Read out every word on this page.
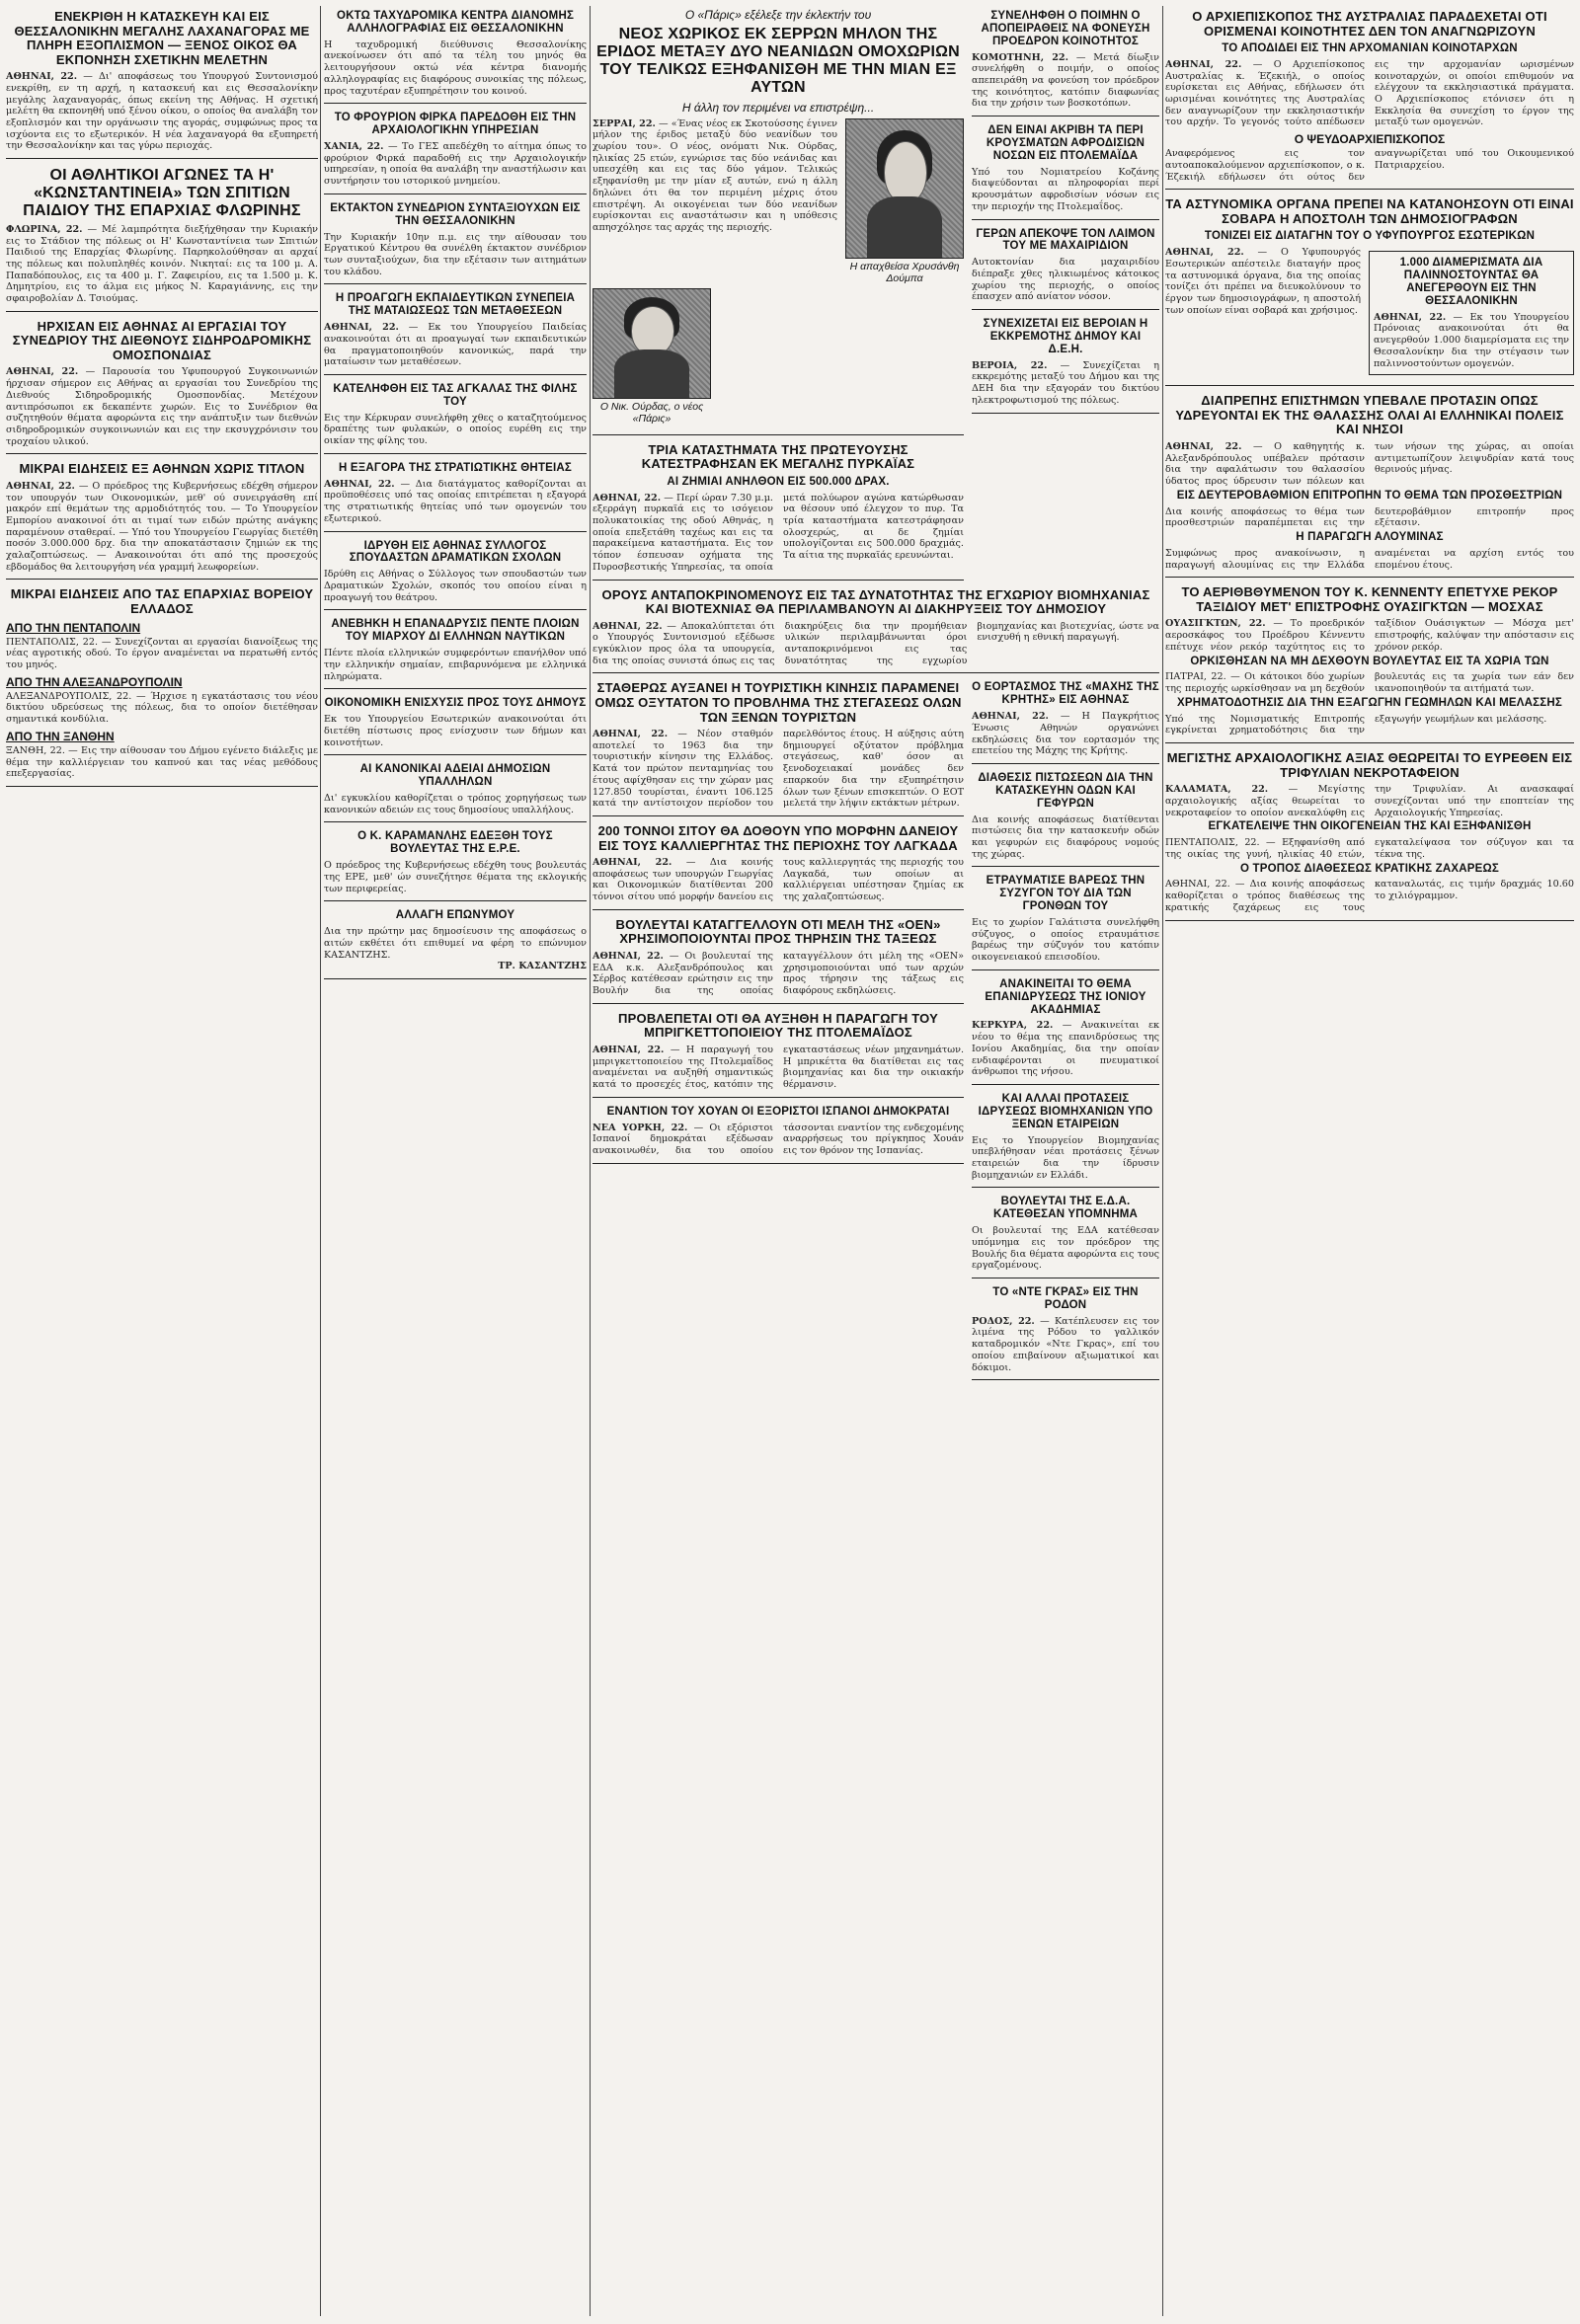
ΕΝΕΚΡΙΘΗ Η ΚΑΤΑΣΚΕΥΗ ΚΑΙ ΕΙΣ ΘΕΣΣΑΛΟΝΙΚΗΝ ΜΕΓΑΛΗΣ ΛΑΧΑΝΑΓΟΡΑΣ ΜΕ ΠΛΗΡΗ ΕΞΟΠΛΙΣΜΟΝ — ΞΕΝΟΣ ΟΙΚΟΣ ΘΑ ΕΚΠΟΝΗΣΗ ΣΧΕΤΙΚΗΝ ΜΕΛΕΤΗΝ

ΑΘΗΝΑΙ, 22. — Δι' αποφάσεως του Υπουργού Συντονισμού ενεκρίθη, εν τη αρχή, η κατασκευή και εις Θεσσαλονίκην μεγάλης λαχαναγοράς, όπως εκείνη της Αθήνας. Η σχετική μελέτη θα εκπονηθή υπό ξένου οίκου, ο οποίος θα αναλάβη τον εξοπλισμόν και την οργάνωσιν της αγοράς, συμφώνως προς τα ισχύοντα εις το εξωτερικόν. Η νέα λαχαναγορά θα εξυπηρετή την Θεσσαλονίκην και τας γύρω περιοχάς.

ΟΙ ΑΘΛΗΤΙΚΟΙ ΑΓΩΝΕΣ ΤΑ Η' «ΚΩΝΣΤΑΝΤΙΝΕΙΑ» ΤΩΝ ΣΠΙΤΙΩΝ ΠΑΙΔΙΟΥ ΤΗΣ ΕΠΑΡΧΙΑΣ ΦΛΩΡΙΝΗΣ

ΦΛΩΡΙΝΑ, 22. — Μέ λαμπρότητα διεξήχθησαν την Κυριακήν εις το Στάδιον της πόλεως οι Η' Κωνσταντίνεια των Σπιτιών Παιδιού της Επαρχίας Φλωρίνης. Παρηκολούθησαν αι αρχαί της πόλεως και πολυπληθές κοινόν. Νικηταί: εις τα 100 μ. Α. Παπαδόπουλος, εις τα 400 μ. Γ. Ζαφειρίου, εις τα 1.500 μ. Κ. Δημητρίου, εις το άλμα εις μήκος Ν. Καραγιάννης, εις την σφαιροβολίαν Δ. Τσιούμας.

ΗΡΧΙΣΑΝ ΕΙΣ ΑΘΗΝΑΣ ΑΙ ΕΡΓΑΣΙΑΙ ΤΟΥ ΣΥΝΕΔΡΙΟΥ ΤΗΣ ΔΙΕΘΝΟΥΣ ΣΙΔΗΡΟΔΡΟΜΙΚΗΣ ΟΜΟΣΠΟΝΔΙΑΣ

ΑΘΗΝΑΙ, 22. — Παρουσία του Υφυπουργού Συγκοινωνιών ήρχισαν σήμερον εις Αθήνας αι εργασίαι του Συνεδρίου της Διεθνούς Σιδηροδρομικής Ομοσπονδίας. Μετέχουν αντιπρόσωποι εκ δεκαπέντε χωρών. Εις το Συνέδριον θα συζητηθούν θέματα αφορώντα εις την ανάπτυξιν των διεθνών σιδηροδρομικών συγκοινωνιών και εις την εκσυγχρόνισιν του τροχαίου υλικού.

ΜΙΚΡΑΙ ΕΙΔΗΣΕΙΣ ΕΞ ΑΘΗΝΩΝ ΧΩΡΙΣ ΤΙΤΛΟΝ

ΑΘΗΝΑΙ, 22. — Ο πρόεδρος της Κυβερνήσεως εδέχθη σήμερον τον υπουργόν των Οικονομικών, μεθ' ού συνειργάσθη επί μακρόν επί θεμάτων της αρμοδιότητός του. — Το Υπουργείον Εμπορίου ανακοινοί ότι αι τιμαί των ειδών πρώτης ανάγκης παραμένουν σταθεραί. — Υπό του Υπουργείου Γεωργίας διετέθη ποσόν 3.000.000 δρχ. δια την αποκατάστασιν ζημιών εκ της χαλαζοπτώσεως. — Ανακοινούται ότι από της προσεχούς εβδομάδος θα λειτουργήση νέα γραμμή λεωφορείων.

ΜΙΚΡΑΙ ΕΙΔΗΣΕΙΣ ΑΠΟ ΤΑΣ ΕΠΑΡΧΙΑΣ ΒΟΡΕΙΟΥ ΕΛΛΑΔΟΣ
ΑΠΟ ΤΗΝ ΠΕΝΤΑΠΟΛΙΝ

ΠΕΝΤΑΠΟΛΙΣ, 22. — Συνεχίζονται αι εργασίαι διανοίξεως της νέας αγροτικής οδού. Το έργον αναμένεται να περατωθή εντός του μηνός.

ΑΠΟ ΤΗΝ ΑΛΕΞΑΝΔΡΟΥΠΟΛΙΝ

ΑΛΕΞΑΝΔΡΟΥΠΟΛΙΣ, 22. — Ήρχισε η εγκατάστασις του νέου δικτύου υδρεύσεως της πόλεως, δια το οποίον διετέθησαν σημαντικά κονδύλια.

ΑΠΟ ΤΗΝ ΞΑΝΘΗΝ

ΞΑΝΘΗ, 22. — Εις την αίθουσαν του Δήμου εγένετο διάλεξις με θέμα την καλλιέργειαν του καπνού και τας νέας μεθόδους επεξεργασίας.

ΟΚΤΩ ΤΑΧΥΔΡΟΜΙΚΑ ΚΕΝΤΡΑ ΔΙΑΝΟΜΗΣ ΑΛΛΗΛΟΓΡΑΦΙΑΣ ΕΙΣ ΘΕΣΣΑΛΟΝΙΚΗΝ

Η ταχυδρομική διεύθυνσις Θεσσαλονίκης ανεκοίνωσεν ότι από τα τέλη του μηνός θα λειτουργήσουν οκτώ νέα κέντρα διανομής αλληλογραφίας εις διαφόρους συνοικίας της πόλεως, προς ταχυτέραν εξυπηρέτησιν του κοινού.

ΤΟ ΦΡΟΥΡΙΟΝ ΦΙΡΚΑ ΠΑΡΕΔΟΘΗ ΕΙΣ ΤΗΝ ΑΡΧΑΙΟΛΟΓΙΚΗΝ ΥΠΗΡΕΣΙΑΝ

ΧΑΝΙΑ, 22. — Το ΓΕΣ απεδέχθη το αίτημα όπως το φρούριον Φιρκά παραδοθή εις την Αρχαιολογικήν υπηρεσίαν, η οποία θα αναλάβη την αναστήλωσιν και συντήρησιν του ιστορικού μνημείου.

ΕΚΤΑΚΤΟΝ ΣΥΝΕΔΡΙΟΝ ΣΥΝΤΑΞΙΟΥΧΩΝ ΕΙΣ ΤΗΝ ΘΕΣΣΑΛΟΝΙΚΗΝ

Την Κυριακήν 10ην π.μ. εις την αίθουσαν του Εργατικού Κέντρου θα συνέλθη έκτακτον συνέδριον των συνταξιούχων, δια την εξέτασιν των αιτημάτων του κλάδου.

Η ΠΡΟΑΓΩΓΗ ΕΚΠΑΙΔΕΥΤΙΚΩΝ ΣΥΝΕΠΕΙΑ ΤΗΣ ΜΑΤΑΙΩΣΕΩΣ ΤΩΝ ΜΕΤΑΘΕΣΕΩΝ

ΑΘΗΝΑΙ, 22. — Εκ του Υπουργείου Παιδείας ανακοινούται ότι αι προαγωγαί των εκπαιδευτικών θα πραγματοποιηθούν κανονικώς, παρά την ματαίωσιν των μεταθέσεων.

ΚΑΤΕΛΗΦΘΗ ΕΙΣ ΤΑΣ ΑΓΚΑΛΑΣ ΤΗΣ ΦΙΛΗΣ ΤΟΥ

Εις την Κέρκυραν συνελήφθη χθες ο καταζητούμενος δραπέτης των φυλακών, ο οποίος ευρέθη εις την οικίαν της φίλης του.

Η ΕΞΑΓΟΡΑ ΤΗΣ ΣΤΡΑΤΙΩΤΙΚΗΣ ΘΗΤΕΙΑΣ

ΑΘΗΝΑΙ, 22. — Δια διατάγματος καθορίζονται αι προϋποθέσεις υπό τας οποίας επιτρέπεται η εξαγορά της στρατιωτικής θητείας υπό των ομογενών του εξωτερικού.

ΙΔΡΥΘΗ ΕΙΣ ΑΘΗΝΑΣ ΣΥΛΛΟΓΟΣ ΣΠΟΥΔΑΣΤΩΝ ΔΡΑΜΑΤΙΚΩΝ ΣΧΟΛΩΝ

Ιδρύθη εις Αθήνας ο Σύλλογος των σπουδαστών των Δραματικών Σχολών, σκοπός του οποίου είναι η προαγωγή του θεάτρου.

ΑΝΕΒΗΚΗ Η ΕΠΑΝΑΔΡΥΣΙΣ ΠΕΝΤΕ ΠΛΟΙΩΝ ΤΟΥ ΜΙΑΡΧΟΥ ΔΙ ΕΛΛΗΝΩΝ ΝΑΥΤΙΚΩΝ

Πέντε πλοία ελληνικών συμφερόντων επανήλθον υπό την ελληνικήν σημαίαν, επιβαρυνόμενα με ελληνικά πληρώματα.

ΟΙΚΟΝΟΜΙΚΗ ΕΝΙΣΧΥΣΙΣ ΠΡΟΣ ΤΟΥΣ ΔΗΜΟΥΣ

Εκ του Υπουργείου Εσωτερικών ανακοινούται ότι διετέθη πίστωσις προς ενίσχυσιν των δήμων και κοινοτήτων.

ΑΙ ΚΑΝΟΝΙΚΑΙ ΑΔΕΙΑΙ ΔΗΜΟΣΙΩΝ ΥΠΑΛΛΗΛΩΝ

Δι' εγκυκλίου καθορίζεται ο τρόπος χορηγήσεως των κανονικών αδειών εις τους δημοσίους υπαλλήλους.

Ο Κ. ΚΑΡΑΜΑΝΛΗΣ ΕΔΕΞΘΗ ΤΟΥΣ ΒΟΥΛΕΥΤΑΣ ΤΗΣ Ε.Ρ.Ε.

Ο πρόεδρος της Κυβερνήσεως εδέχθη τους βουλευτάς της ΕΡΕ, μεθ' ών συνεζήτησε θέματα της εκλογικής των περιφερείας.

ΑΛΛΑΓΗ ΕΠΩΝΥΜΟΥ

Δια την πρώτην μας δημοσίευσιν της αποφάσεως ο αιτών εκθέτει ότι επιθυμεί να φέρη το επώνυμον ΚΑΣΑΝΤΖΗΣ.

ΤΡ. ΚΑΣΑΝΤΖΗΣ

Ο «Πάρις» εξέλεξε την έκλεκτήν του
ΝΕΟΣ ΧΩΡΙΚΟΣ ΕΚ ΣΕΡΡΩΝ ΜΗΛΟΝ ΤΗΣ ΕΡΙΔΟΣ ΜΕΤΑΞΥ ΔΥΟ ΝΕΑΝΙΔΩΝ ΟΜΟΧΩΡΙΩΝ ΤΟΥ ΤΕΛΙΚΩΣ ΕΞΗΦΑΝΙΣΘΗ ΜΕ ΤΗΝ ΜΙΑΝ ΕΞ ΑΥΤΩΝ
Η άλλη τον περιμένει να επιστρέψη...

ΣΕΡΡΑΙ, 22. — «Ένας νέος εκ Σκοτούσσης έγινεν μήλον της έριδος μεταξύ δύο νεανίδων του χωρίου του». Ο νέος, ονόματι Νικ. Ούρδας, ηλικίας 25 ετών, εγνώρισε τας δύο νεάνιδας και υπεσχέθη και εις τας δύο γάμον. Τελικώς εξηφανίσθη με την μίαν εξ αυτών, ενώ η άλλη δηλώνει ότι θα τον περιμένη μέχρις ότου επιστρέψη. Αι οικογένειαι των δύο νεανίδων ευρίσκονται εις αναστάτωσιν και η υπόθεσις απησχόλησε τας αρχάς της περιοχής.

Η απαχθείσα Χρυσάνθη Δούμπα
Ο Νικ. Ούρδας, ο νέος «Πάρις»
ΤΡΙΑ ΚΑΤΑΣΤΗΜΑΤΑ ΤΗΣ ΠΡΩΤΕΥΟΥΣΗΣ ΚΑΤΕΣΤΡΑΦΗΣΑΝ ΕΚ ΜΕΓΑΛΗΣ ΠΥΡΚΑΪΑΣ
ΑΙ ΖΗΜΙΑΙ ΑΝΗΛΘΟΝ ΕΙΣ 500.000 ΔΡΑΧ.

ΑΘΗΝΑΙ, 22. — Περί ώραν 7.30 μ.μ. εξερράγη πυρκαϊά εις το ισόγειον πολυκατοικίας της οδού Αθηνάς, η οποία επεξετάθη ταχέως και εις τα παρακείμενα καταστήματα. Εις τον τόπον έσπευσαν οχήματα της Πυροσβεστικής Υπηρεσίας, τα οποία μετά πολύωρον αγώνα κατώρθωσαν να θέσουν υπό έλεγχον το πυρ. Τα τρία καταστήματα κατεστράφησαν ολοσχερώς, αι δε ζημίαι υπολογίζονται εις 500.000 δραχμάς. Τα αίτια της πυρκαϊάς ερευνώνται.

ΣΥΝΕΛΗΦΘΗ Ο ΠΟΙΜΗΝ Ο ΑΠΟΠΕΙΡΑΘΕΙΣ ΝΑ ΦΟΝΕΥΣΗ ΠΡΟΕΔΡΟΝ ΚΟΙΝΟΤΗΤΟΣ

ΚΟΜΟΤΗΝΗ, 22. — Μετά δίωξιν συνελήφθη ο ποιμήν, ο οποίος απεπειράθη να φονεύση τον πρόεδρον της κοινότητος, κατόπιν διαφωνίας δια την χρήσιν των βοσκοτόπων.

ΔΕΝ ΕΙΝΑΙ ΑΚΡΙΒΗ ΤΑ ΠΕΡΙ ΚΡΟΥΣΜΑΤΩΝ ΑΦΡΟΔΙΣΙΩΝ ΝΟΣΩΝ ΕΙΣ ΠΤΟΛΕΜΑΪΔΑ

Υπό του Νομιατρείου Κοζάνης διαψεύδονται αι πληροφορίαι περί κρουσμάτων αφροδισίων νόσων εις την περιοχήν της Πτολεμαΐδος.

ΓΕΡΩΝ ΑΠΕΚΟΨΕ ΤΟΝ ΛΑΙΜΟΝ ΤΟΥ ΜΕ ΜΑΧΑΙΡΙΔΙΟΝ

Αυτοκτονίαν δια μαχαιριδίου διέπραξε χθες ηλικιωμένος κάτοικος χωρίου της περιοχής, ο οποίος έπασχεν από ανίατον νόσον.

ΣΥΝΕΧΙΖΕΤΑΙ ΕΙΣ ΒΕΡΟΙΑΝ Η ΕΚΚΡΕΜΟΤΗΣ ΔΗΜΟΥ ΚΑΙ Δ.Ε.Η.

ΒΕΡΟΙΑ, 22. — Συνεχίζεται η εκκρεμότης μεταξύ του Δήμου και της ΔΕΗ δια την εξαγοράν του δικτύου ηλεκτροφωτισμού της πόλεως.

ΟΡΟΥΣ ΑΝΤΑΠΟΚΡΙΝΟΜΕΝΟΥΣ ΕΙΣ ΤΑΣ ΔΥΝΑΤΟΤΗΤΑΣ ΤΗΣ ΕΓΧΩΡΙΟΥ ΒΙΟΜΗΧΑΝΙΑΣ ΚΑΙ ΒΙΟΤΕΧΝΙΑΣ ΘΑ ΠΕΡΙΛΑΜΒΑΝΟΥΝ ΑΙ ΔΙΑΚΗΡΥΞΕΙΣ ΤΟΥ ΔΗΜΟΣΙΟΥ

ΑΘΗΝΑΙ, 22. — Αποκαλύπτεται ότι ο Υπουργός Συντονισμού εξέδωσε εγκύκλιον προς όλα τα υπουργεία, δια της οποίας συνιστά όπως εις τας διακηρύξεις δια την προμήθειαν υλικών περιλαμβάνωνται όροι ανταποκρινόμενοι εις τας δυνατότητας της εγχωρίου βιομηχανίας και βιοτεχνίας, ώστε να ενισχυθή η εθνική παραγωγή.

ΣΤΑΘΕΡΩΣ ΑΥΞΑΝΕΙ Η ΤΟΥΡΙΣΤΙΚΗ ΚΙΝΗΣΙΣ ΠΑΡΑΜΕΝΕΙ ΟΜΩΣ ΟΞΥΤΑΤΟΝ ΤΟ ΠΡΟΒΛΗΜΑ ΤΗΣ ΣΤΕΓΑΣΕΩΣ ΟΛΩΝ ΤΩΝ ΞΕΝΩΝ ΤΟΥΡΙΣΤΩΝ

ΑΘΗΝΑΙ, 22. — Νέον σταθμόν αποτελεί το 1963 δια την τουριστικήν κίνησιν της Ελλάδος. Κατά τον πρώτον πενταμηνίας του έτους αφίχθησαν εις την χώραν μας 127.850 τουρίσται, έναντι 106.125 κατά την αντίστοιχον περίοδον του παρελθόντος έτους. Η αύξησις αύτη δημιουργεί οξύτατον πρόβλημα στεγάσεως, καθ' όσον αι ξενοδοχειακαί μονάδες δεν επαρκούν δια την εξυπηρέτησιν όλων των ξένων επισκεπτών. Ο ΕΟΤ μελετά την λήψιν εκτάκτων μέτρων.

200 ΤΟΝΝΟΙ ΣΙΤΟΥ ΘΑ ΔΟΘΟΥΝ ΥΠΟ ΜΟΡΦΗΝ ΔΑΝΕΙΟΥ ΕΙΣ ΤΟΥΣ ΚΑΛΛΙΕΡΓΗΤΑΣ ΤΗΣ ΠΕΡΙΟΧΗΣ ΤΟΥ ΛΑΓΚΑΔΑ

ΑΘΗΝΑΙ, 22. — Δια κοινής αποφάσεως των υπουργών Γεωργίας και Οικονομικών διατίθενται 200 τόννοι σίτου υπό μορφήν δανείου εις τους καλλιεργητάς της περιοχής του Λαγκαδά, των οποίων αι καλλιέργειαι υπέστησαν ζημίας εκ της χαλαζοπτώσεως.

ΒΟΥΛΕΥΤΑΙ ΚΑΤΑΓΓΕΛΛΟΥΝ ΟΤΙ ΜΕΛΗ ΤΗΣ «ΟΕΝ» ΧΡΗΣΙΜΟΠΟΙΟΥΝΤΑΙ ΠΡΟΣ ΤΗΡΗΣΙΝ ΤΗΣ ΤΑΞΕΩΣ

ΑΘΗΝΑΙ, 22. — Οι βουλευταί της ΕΔΑ κ.κ. Αλεξανδρόπουλος και Σέρβος κατέθεσαν ερώτησιν εις την Βουλήν δια της οποίας καταγγέλλουν ότι μέλη της «ΟΕΝ» χρησιμοποιούνται υπό των αρχών προς τήρησιν της τάξεως εις διαφόρους εκδηλώσεις.

ΠΡΟΒΛΕΠΕΤΑΙ ΟΤΙ ΘΑ ΑΥΞΗΘΗ Η ΠΑΡΑΓΩΓΗ ΤΟΥ ΜΠΡΙΓΚΕΤΤΟΠΟΙΕΙΟΥ ΤΗΣ ΠΤΟΛΕΜΑΪΔΟΣ

ΑΘΗΝΑΙ, 22. — Η παραγωγή του μπριγκεττοποιείου της Πτολεμαΐδος αναμένεται να αυξηθή σημαντικώς κατά το προσεχές έτος, κατόπιν της εγκαταστάσεως νέων μηχανημάτων. Η μπρικέττα θα διατίθεται εις τας βιομηχανίας και δια την οικιακήν θέρμανσιν.

ΕΝΑΝΤΙΟΝ ΤΟΥ ΧΟΥΑΝ ΟΙ ΕΞΟΡΙΣΤΟΙ ΙΣΠΑΝΟΙ ΔΗΜΟΚΡΑΤΑΙ

ΝΕΑ ΥΟΡΚΗ, 22. — Οι εξόριστοι Ισπανοί δημοκράται εξέδωσαν ανακοινωθέν, δια του οποίου τάσσονται εναντίον της ενδεχομένης αναρρήσεως του πρίγκηπος Χουάν εις τον θρόνον της Ισπανίας.

Ο ΕΟΡΤΑΣΜΟΣ ΤΗΣ «ΜΑΧΗΣ ΤΗΣ ΚΡΗΤΗΣ» ΕΙΣ ΑΘΗΝΑΣ

ΑΘΗΝΑΙ, 22. — Η Παγκρήτιος Ένωσις Αθηνών οργανώνει εκδηλώσεις δια τον εορτασμόν της επετείου της Μάχης της Κρήτης.

ΔΙΑΘΕΣΙΣ ΠΙΣΤΩΣΕΩΝ ΔΙΑ ΤΗΝ ΚΑΤΑΣΚΕΥΗΝ ΟΔΩΝ ΚΑΙ ΓΕΦΥΡΩΝ

Δια κοινής αποφάσεως διατίθενται πιστώσεις δια την κατασκευήν οδών και γεφυρών εις διαφόρους νομούς της χώρας.

ΕΤΡΑΥΜΑΤΙΣΕ ΒΑΡΕΩΣ ΤΗΝ ΣΥΖΥΓΟΝ ΤΟΥ ΔΙΑ ΤΩΝ ΓΡΟΝΘΩΝ ΤΟΥ

Εις το χωρίον Γαλάτιστα συνελήφθη σύζυγος, ο οποίος ετραυμάτισε βαρέως την σύζυγόν του κατόπιν οικογενειακού επεισοδίου.

ΑΝΑΚΙΝΕΙΤΑΙ ΤΟ ΘΕΜΑ ΕΠΑΝΙΔΡΥΣΕΩΣ ΤΗΣ ΙΟΝΙΟΥ ΑΚΑΔΗΜΙΑΣ

ΚΕΡΚΥΡΑ, 22. — Ανακινείται εκ νέου το θέμα της επανιδρύσεως της Ιονίου Ακαδημίας, δια την οποίαν ενδιαφέρονται οι πνευματικοί άνθρωποι της νήσου.

ΚΑΙ ΑΛΛΑΙ ΠΡΟΤΑΣΕΙΣ ΙΔΡΥΣΕΩΣ ΒΙΟΜΗΧΑΝΙΩΝ ΥΠΟ ΞΕΝΩΝ ΕΤΑΙΡΕΙΩΝ

Εις το Υπουργείον Βιομηχανίας υπεβλήθησαν νέαι προτάσεις ξένων εταιρειών δια την ίδρυσιν βιομηχανιών εν Ελλάδι.

ΒΟΥΛΕΥΤΑΙ ΤΗΣ Ε.Δ.Α. ΚΑΤΕΘΕΣΑΝ ΥΠΟΜΝΗΜΑ

Οι βουλευταί της ΕΔΑ κατέθεσαν υπόμνημα εις τον πρόεδρον της Βουλής δια θέματα αφορώντα εις τους εργαζομένους.

ΤΟ «ΝΤΕ ΓΚΡΑΣ» ΕΙΣ ΤΗΝ ΡΟΔΟΝ

ΡΟΔΟΣ, 22. — Κατέπλευσεν εις τον λιμένα της Ρόδου το γαλλικόν καταδρομικόν «Ντε Γκρας», επί του οποίου επιβαίνουν αξιωματικοί και δόκιμοι.

Ο ΑΡΧΙΕΠΙΣΚΟΠΟΣ ΤΗΣ ΑΥΣΤΡΑΛΙΑΣ ΠΑΡΑΔΕΧΕΤΑΙ ΟΤΙ ΟΡΙΣΜΕΝΑΙ ΚΟΙΝΟΤΗΤΕΣ ΔΕΝ ΤΟΝ ΑΝΑΓΝΩΡΙΖΟΥΝ
ΤΟ ΑΠΟΔΙΔΕΙ ΕΙΣ ΤΗΝ ΑΡΧΟΜΑΝΙΑΝ ΚΟΙΝΟΤΑΡΧΩΝ

ΑΘΗΝΑΙ, 22. — Ο Αρχιεπίσκοπος Αυστραλίας κ. Έζεκιήλ, ο οποίος ευρίσκεται εις Αθήνας, εδήλωσεν ότι ωρισμέναι κοινότητες της Αυστραλίας δεν αναγνωρίζουν την εκκλησιαστικήν του αρχήν. Το γεγονός τούτο απέδωσεν εις την αρχομανίαν ωρισμένων κοινοταρχών, οι οποίοι επιθυμούν να ελέγχουν τα εκκλησιαστικά πράγματα. Ο Αρχιεπίσκοπος ετόνισεν ότι η Εκκλησία θα συνεχίση το έργον της μεταξύ των ομογενών.

Ο ΨΕΥΔΟΑΡΧΙΕΠΙΣΚΟΠΟΣ

Αναφερόμενος εις τον αυτοαποκαλούμενον αρχιεπίσκοπον, ο κ. Έζεκιήλ εδήλωσεν ότι ούτος δεν αναγνωρίζεται υπό του Οικουμενικού Πατριαρχείου.

ΤΑ ΑΣΤΥΝΟΜΙΚΑ ΟΡΓΑΝΑ ΠΡΕΠΕΙ ΝΑ ΚΑΤΑΝΟΗΣΟΥΝ ΟΤΙ ΕΙΝΑΙ ΣΟΒΑΡΑ Η ΑΠΟΣΤΟΛΗ ΤΩΝ ΔΗΜΟΣΙΟΓΡΑΦΩΝ
ΤΟΝΙΖΕΙ ΕΙΣ ΔΙΑΤΑΓΗΝ ΤΟΥ Ο ΥΦΥΠΟΥΡΓΟΣ ΕΣΩΤΕΡΙΚΩΝ

ΑΘΗΝΑΙ, 22. — Ο Υφυπουργός Εσωτερικών απέστειλε διαταγήν προς τα αστυνομικά όργανα, δια της οποίας τονίζει ότι πρέπει να διευκολύνουν το έργον των δημοσιογράφων, η αποστολή των οποίων είναι σοβαρά και χρήσιμος.

1.000 ΔΙΑΜΕΡΙΣΜΑΤΑ ΔΙΑ ΠΑΛΙΝΝΟΣΤΟΥΝΤΑΣ ΘΑ ΑΝΕΓΕΡΘΟΥΝ ΕΙΣ ΤΗΝ ΘΕΣΣΑΛΟΝΙΚΗΝ

ΑΘΗΝΑΙ, 22. — Εκ του Υπουργείου Πρόνοιας ανακοινούται ότι θα ανεγερθούν 1.000 διαμερίσματα εις την Θεσσαλονίκην δια την στέγασιν των παλιννοστούντων ομογενών.

ΔΙΑΠΡΕΠΗΣ ΕΠΙΣΤΗΜΩΝ ΥΠΕΒΑΛΕ ΠΡΟΤΑΣΙΝ ΟΠΩΣ ΥΔΡΕΥΟΝΤΑΙ ΕΚ ΤΗΣ ΘΑΛΑΣΣΗΣ ΟΛΑΙ ΑΙ ΕΛΛΗΝΙΚΑΙ ΠΟΛΕΙΣ ΚΑΙ ΝΗΣΟΙ

ΑΘΗΝΑΙ, 22. — Ο καθηγητής κ. Αλεξανδρόπουλος υπέβαλεν πρότασιν δια την αφαλάτωσιν του θαλασσίου ύδατος προς ύδρευσιν των πόλεων και των νήσων της χώρας, αι οποίαι αντιμετωπίζουν λειψυδρίαν κατά τους θερινούς μήνας.

ΕΙΣ ΔΕΥΤΕΡΟΒΑΘΜΙΟΝ ΕΠΙΤΡΟΠΗΝ ΤΟ ΘΕΜΑ ΤΩΝ ΠΡΟΣΘΕΣΤΡΙΩΝ

Δια κοινής αποφάσεως το θέμα των προσθεστριών παραπέμπεται εις την δευτεροβάθμιον επιτροπήν προς εξέτασιν.

Η ΠΑΡΑΓΩΓΗ ΑΛΟΥΜΙΝΑΣ

Συμφώνως προς ανακοίνωσιν, η παραγωγή αλουμίνας εις την Ελλάδα αναμένεται να αρχίση εντός του επομένου έτους.

ΤΟ ΑΕΡΙΘΒΘΥΜΕΝΟΝ ΤΟΥ Κ. ΚΕΝΝΕΝΤΥ ΕΠΕΤΥΧΕ ΡΕΚΟΡ ΤΑΞΙΔΙΟΥ ΜΕΤ' ΕΠΙΣΤΡΟΦΗΣ ΟΥΑΣΙΓΚΤΩΝ — ΜΟΣΧΑΣ

ΟΥΑΣΙΓΚΤΩΝ, 22. — Το προεδρικόν αεροσκάφος του Προέδρου Κέννεντυ επέτυχε νέον ρεκόρ ταχύτητος εις το ταξίδιον Ουάσιγκτων — Μόσχα μετ' επιστροφής, καλύψαν την απόστασιν εις χρόνον ρεκόρ.

ΟΡΚΙΣΘΗΣΑΝ ΝΑ ΜΗ ΔΕΧΘΟΥΝ ΒΟΥΛΕΥΤΑΣ ΕΙΣ ΤΑ ΧΩΡΙΑ ΤΩΝ

ΠΑΤΡΑΙ, 22. — Οι κάτοικοι δύο χωρίων της περιοχής ωρκίσθησαν να μη δεχθούν βουλευτάς εις τα χωρία των εάν δεν ικανοποιηθούν τα αιτήματά των.

ΧΡΗΜΑΤΟΔΟΤΗΣΙΣ ΔΙΑ ΤΗΝ ΕΞΑΓΩΓΗΝ ΓΕΩΜΗΛΩΝ ΚΑΙ ΜΕΛΑΣΣΗΣ

Υπό της Νομισματικής Επιτροπής εγκρίνεται χρηματοδότησις δια την εξαγωγήν γεωμήλων και μελάσσης.

ΜΕΓΙΣΤΗΣ ΑΡΧΑΙΟΛΟΓΙΚΗΣ ΑΞΙΑΣ ΘΕΩΡΕΙΤΑΙ ΤΟ ΕΥΡΕΘΕΝ ΕΙΣ ΤΡΙΦΥΛΙΑΝ ΝΕΚΡΟΤΑΦΕΙΟΝ

ΚΑΛΑΜΑΤΑ, 22. — Μεγίστης αρχαιολογικής αξίας θεωρείται το νεκροταφείον το οποίον ανεκαλύφθη εις την Τριφυλίαν. Αι ανασκαφαί συνεχίζονται υπό την εποπτείαν της Αρχαιολογικής Υπηρεσίας.

ΕΓΚΑΤΕΛΕΙΨΕ ΤΗΝ ΟΙΚΟΓΕΝΕΙΑΝ ΤΗΣ ΚΑΙ ΕΞΗΦΑΝΙΣΘΗ

ΠΕΝΤΑΠΟΛΙΣ, 22. — Εξηφανίσθη από της οικίας της γυνή, ηλικίας 40 ετών, εγκαταλείψασα τον σύζυγον και τα τέκνα της.

Ο ΤΡΟΠΟΣ ΔΙΑΘΕΣΕΩΣ ΚΡΑΤΙΚΗΣ ΖΑΧΑΡΕΩΣ

ΑΘΗΝΑΙ, 22. — Δια κοινής αποφάσεως καθορίζεται ο τρόπος διαθέσεως της κρατικής ζαχάρεως εις τους καταναλωτάς, εις τιμήν δραχμάς 10.60 το χιλιόγραμμον.
